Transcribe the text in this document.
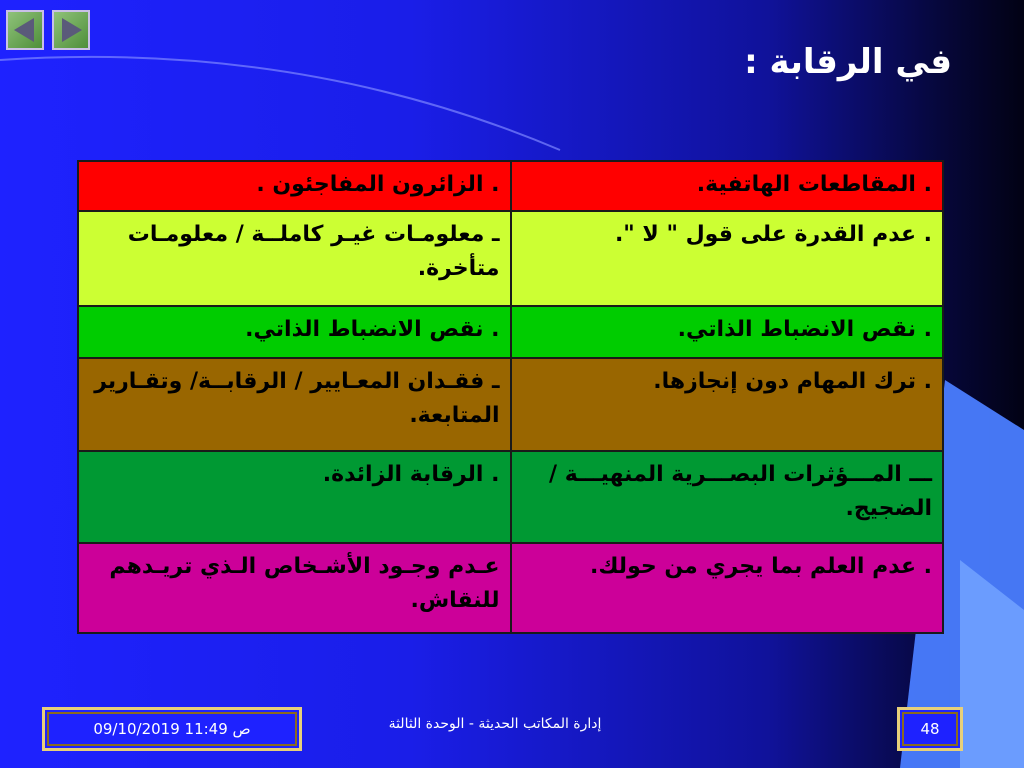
في الرقابة :
. المقاطعات الهاتفية.	. الزائرون المفاجئون .
. عدم القدرة على قول " لا ".	ـ معلومـات غيـر كاملــة / معلومـات متأخرة.
. نقص الانضباط الذاتي.	. نقص الانضباط الذاتي.
. ترك المهام دون إنجازها.	ـ فقـدان المعـايير / الرقابــة/ وتقـارير المتابعة.
ـــ المـــؤثرات البصـــرية المنهيـــة / الضجيج.	. الرقابة الزائدة.
. عدم العلم بما يجري من حولك.	عـدم وجـود الأشـخاص الـذي تريـدهم للنقاش.
09/10/2019 11:49 ص	إدارة المكاتب الحديثة - الوحدة الثالثة	48
